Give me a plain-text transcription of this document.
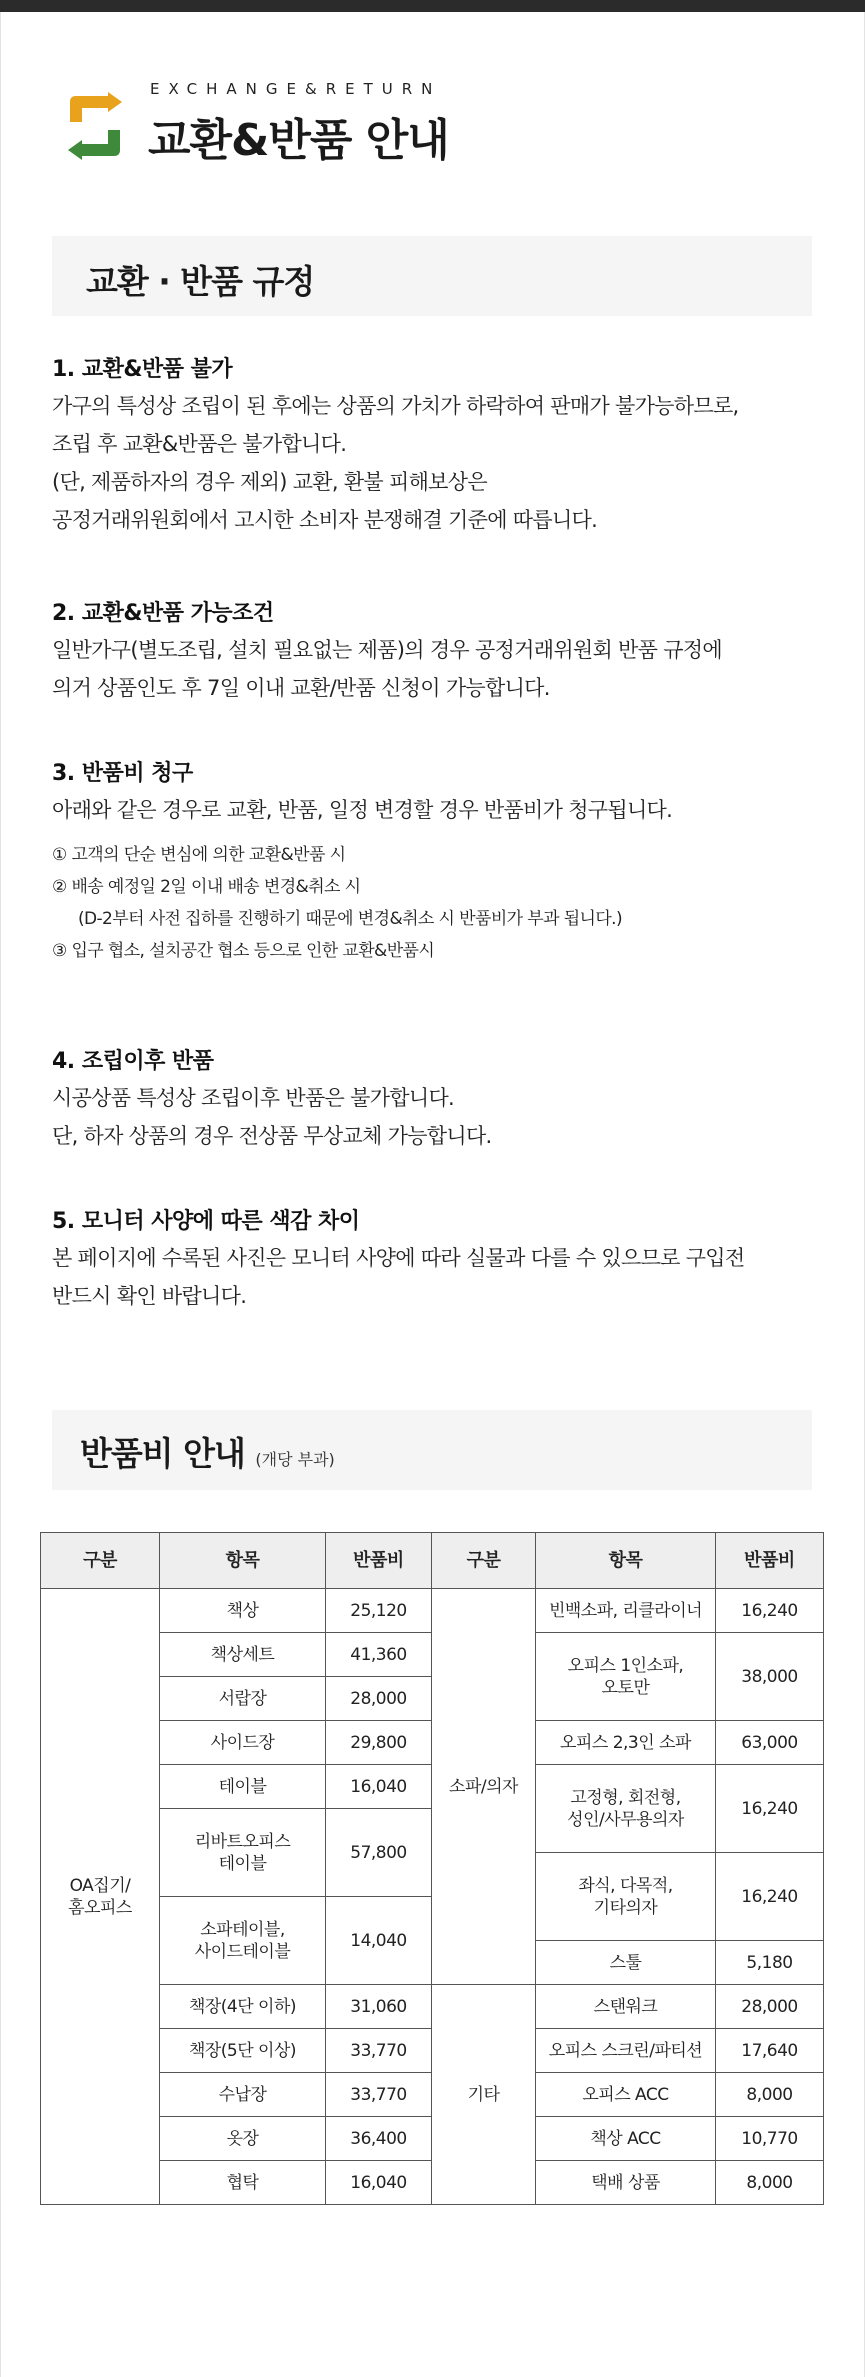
EXCHANGE&RETURN
교환&반품 안내
교환 · 반품 규정
1. 교환&반품 불가

가구의 특성상 조립이 된 후에는 상품의 가치가 하락하여 판매가 불가능하므로,

조립 후 교환&반품은 불가합니다.

(단, 제품하자의 경우 제외) 교환, 환불 피해보상은

공정거래위원회에서 고시한 소비자 분쟁해결 기준에 따릅니다.

2. 교환&반품 가능조건

일반가구(별도조립, 설치 필요없는 제품)의 경우 공정거래위원회 반품 규정에

의거 상품인도 후 7일 이내 교환/반품 신청이 가능합니다.

3. 반품비 청구

아래와 같은 경우로 교환, 반품, 일정 변경할 경우 반품비가 청구됩니다.

① 고객의 단순 변심에 의한 교환&반품 시
② 배송 예정일 2일 이내 배송 변경&취소 시
(D-2부터 사전 집하를 진행하기 때문에 변경&취소 시 반품비가 부과 됩니다.)
③ 입구 협소, 설치공간 협소 등으로 인한 교환&반품시
4. 조립이후 반품

시공상품 특성상 조립이후 반품은 불가합니다.

단, 하자 상품의 경우 전상품 무상교체 가능합니다.

5. 모니터 사양에 따른 색감 차이

본 페이지에 수록된 사진은 모니터 사양에 따라 실물과 다를 수 있으므로 구입전

반드시 확인 바랍니다.

반품비 안내 (개당 부과)
구분	항목	반품비	구분	항목	반품비
OA집기/
홈오피스	책상	25,120	소파/의자	빈백소파, 리클라이너	16,240

	책상세트	41,360		오피스 1인소파,
오토만	38,000

	서랍장	28,000			

	사이드장	29,800		오피스 2,3인 소파	63,000

	테이블	16,040		고정형, 회전형,
성인/사무용의자	16,240

	리바트오피스
테이블	57,800			

				좌식, 다목적,
기타의자	16,240

	소파테이블,
사이드테이블	14,040			

				스툴	5,180

	책장(4단 이하)	31,060	기타	스탠워크	28,000

	책장(5단 이상)	33,770		오피스 스크린/파티션	17,640

	수납장	33,770		오피스 ACC	8,000

	옷장	36,400		책상 ACC	10,770

	협탁	16,040		택배 상품	8,000
